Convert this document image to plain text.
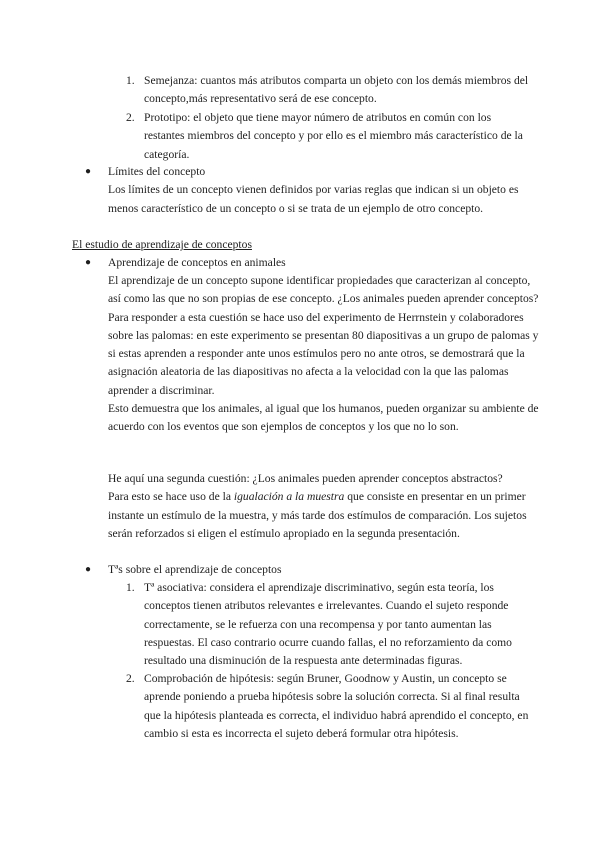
1. Semejanza: cuantos más atributos comparta un objeto con los demás miembros del concepto,más representativo será de ese concepto.

2. Prototipo: el objeto que tiene mayor número de atributos en común con los restantes miembros del concepto y por ello es el miembro más característico de la categoría.

● Límites del concepto

Los límites de un concepto vienen definidos por varias reglas que indican si un objeto es menos característico de un concepto o si se trata de un ejemplo de otro concepto.

El estudio de aprendizaje de conceptos

● Aprendizaje de conceptos en animales

El aprendizaje de un concepto supone identificar propiedades que caracterizan al concepto, así como las que no son propias de ese concepto. ¿Los animales pueden aprender conceptos?

Para responder a esta cuestión se hace uso del experimento de Herrnstein y colaboradores sobre las palomas: en este experimento se presentan 80 diapositivas a un grupo de palomas y si estas aprenden a responder ante unos estímulos pero no ante otros, se demostrará que la asignación aleatoria de las diapositivas no afecta a la velocidad con la que las palomas aprender a discriminar.

Esto demuestra que los animales, al igual que los humanos, pueden organizar su ambiente de acuerdo con los eventos que son ejemplos de conceptos y los que no lo son.

He aquí una segunda cuestión: ¿Los animales pueden aprender conceptos abstractos?

Para esto se hace uso de la igualación a la muestra que consiste en presentar en un primer instante un estímulo de la muestra, y más tarde dos estímulos de comparación. Los sujetos serán reforzados si eligen el estímulo apropiado en la segunda presentación.

● Tªs sobre el aprendizaje de conceptos

1. Tª asociativa: considera el aprendizaje discriminativo, según esta teoría, los conceptos tienen atributos relevantes e irrelevantes. Cuando el sujeto responde correctamente, se le refuerza con una recompensa y por tanto aumentan las respuestas. El caso contrario ocurre cuando fallas, el no reforzamiento da como resultado una disminución de la respuesta ante determinadas figuras.

2. Comprobación de hipótesis: según Bruner, Goodnow y Austin, un concepto se aprende poniendo a prueba hipótesis sobre la solución correcta. Si al final resulta que la hipótesis planteada es correcta, el individuo habrá aprendido el concepto, en cambio si esta es incorrecta el sujeto deberá formular otra hipótesis.
